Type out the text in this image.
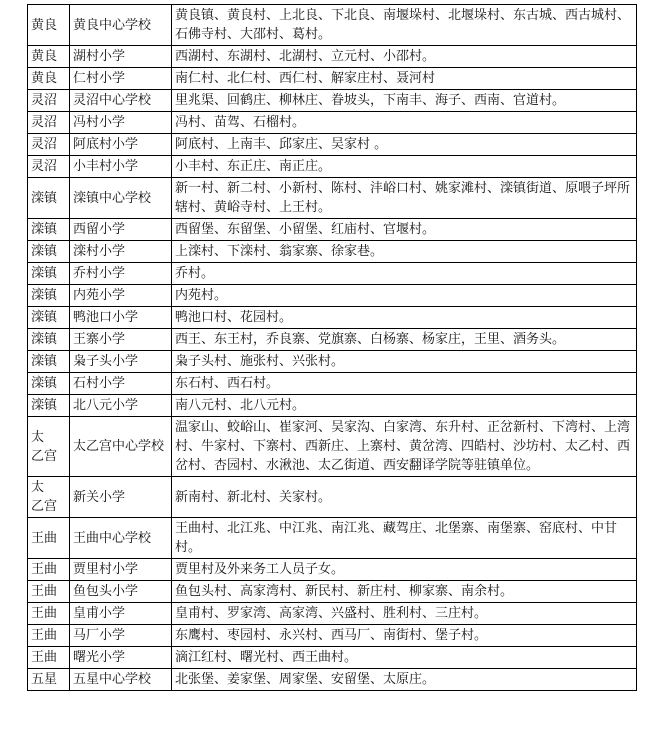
黄良	黄良中心学校	黄良镇、黄良村、上北良、下北良、南堰垛村、北堰垛村、东古城、西古城村、石佛寺村、大邵村、葛村。
黄良	湖村小学	西湖村、东湖村、北湖村、立元村、小邵村。
黄良	仁村小学	南仁村、北仁村、西仁村、解家庄村、聂河村
灵沼	灵沼中心学校	里兆渠、回鹤庄、柳林庄、眷坡头，下南丰、海子、西南、官道村。
灵沼	冯村小学	冯村、苗驾、石榴村。
灵沼	阿底村小学	阿底村、上南丰、邱家庄、吴家村 。
灵沼	小丰村小学	小丰村、东正庄、南正庄。
滦镇	滦镇中心学校	新一村、新二村、小新村、陈村、沣峪口村、姚家滩村、滦镇街道、原喂子坪所辖村、黄峪寺村、上王村。
滦镇	西留小学	西留堡、东留堡、小留堡、红庙村、官堰村。
滦镇	滦村小学	上滦村、下滦村、翁家寨、徐家巷。
滦镇	乔村小学	乔村。
滦镇	内苑小学	内苑村。
滦镇	鸭池口小学	鸭池口村、花园村。
滦镇	王寨小学	西王、东王村，乔良寨、党旗寨、白杨寨、杨家庄，王里、酒务头。
滦镇	枭子头小学	枭子头村、施张村、兴张村。
滦镇	石村小学	东石村、西石村。
滦镇	北八元小学	南八元村、北八元村。
太　乙宫	太乙宫中心学校	温家山、蛟峪山、崔家河、吴家沟、白家湾、东升村、正岔新村、下湾村、上湾村、牛家村、下寨村、西新庄、上寨村、黄岔湾、四皓村、沙坊村、太乙村、西岔村、杏园村、水湫池、太乙街道、西安翻译学院等驻镇单位。
太　乙宫	新关小学	新南村、新北村、关家村。
王曲	王曲中心学校	王曲村、北江兆、中江兆、南江兆、藏驾庄、北堡寨、南堡寨、窑底村、中甘村。
王曲	贾里村小学	贾里村及外来务工人员子女。
王曲	鱼包头小学	鱼包头村、高家湾村、新民村、新庄村、柳家寨、南余村。
王曲	皇甫小学	皇甫村、罗家湾、高家湾、兴盛村、胜利村、三庄村。
王曲	马厂小学	东鹰村、枣园村、永兴村、西马厂、南街村、堡子村。
王曲	曙光小学	滴江红村、曙光村、西王曲村。
五星	五星中心学校	北张堡、姜家堡、周家堡、安留堡、太原庄。
